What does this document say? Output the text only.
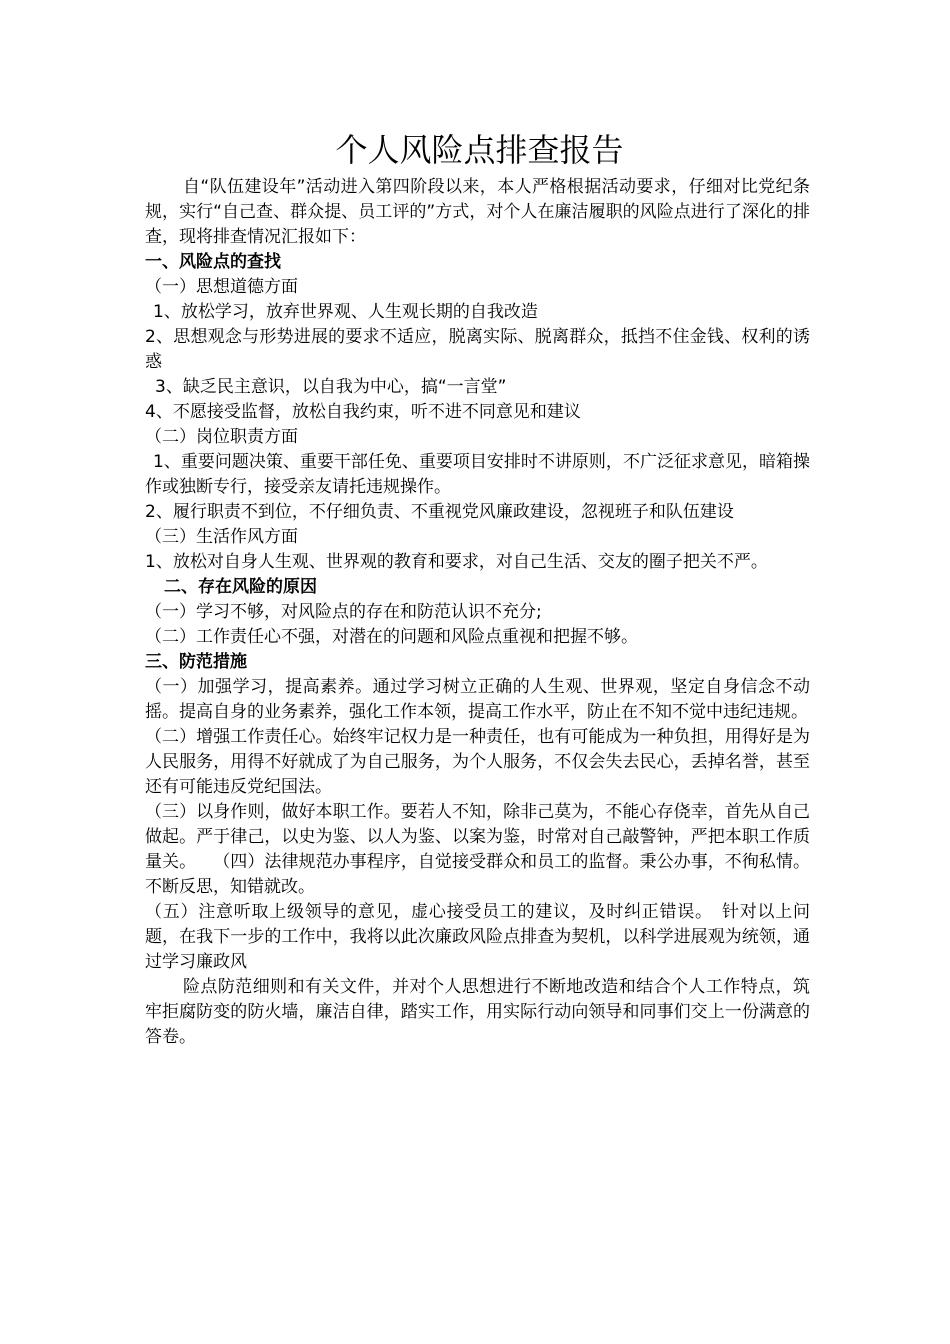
个人风险点排查报告

自“队伍建设年”活动进入第四阶段以来，本人严格根据活动要求，仔细对比党纪条规，实行“自己查、群众提、员工评的”方式，对个人在廉洁履职的风险点进行了深化的排查，现将排查情况汇报如下：

一、风险点的查找

（一）思想道德方面

1、放松学习，放弃世界观、人生观长期的自我改造

2、思想观念与形势进展的要求不适应，脱离实际、脱离群众，抵挡不住金钱、权利的诱惑

3、缺乏民主意识，以自我为中心，搞“一言堂”

4、不愿接受监督，放松自我约束，听不进不同意见和建议

（二）岗位职责方面

1、重要问题决策、重要干部任免、重要项目安排时不讲原则，不广泛征求意见，暗箱操作或独断专行，接受亲友请托违规操作。

2、履行职责不到位，不仔细负责、不重视党风廉政建设，忽视班子和队伍建设

（三）生活作风方面

1、放松对自身人生观、世界观的教育和要求，对自己生活、交友的圈子把关不严。

二、存在风险的原因

（一）学习不够，对风险点的存在和防范认识不充分;

（二）工作责任心不强，对潜在的问题和风险点重视和把握不够。

三、防范措施

（一）加强学习，提高素养。通过学习树立正确的人生观、世界观，坚定自身信念不动摇。提高自身的业务素养，强化工作本领，提高工作水平，防止在不知不觉中违纪违规。

（二）增强工作责任心。始终牢记权力是一种责任，也有可能成为一种负担，用得好是为人民服务，用得不好就成了为自己服务，为个人服务，不仅会失去民心，丢掉名誉，甚至还有可能违反党纪国法。

（三）以身作则，做好本职工作。要若人不知，除非己莫为，不能心存侥幸，首先从自己做起。严于律己，以史为鉴、以人为鉴、以案为鉴，时常对自己敲警钟，严把本职工作质量关。　　（四）法律规范办事程序，自觉接受群众和员工的监督。秉公办事，不徇私情。不断反思，知错就改。

（五）注意听取上级领导的意见，虚心接受员工的建议，及时纠正错误。　针对以上问题，在我下一步的工作中，我将以此次廉政风险点排查为契机，以科学进展观为统领，通过学习廉政风

险点防范细则和有关文件，并对个人思想进行不断地改造和结合个人工作特点，筑牢拒腐防变的防火墙，廉洁自律，踏实工作，用实际行动向领导和同事们交上一份满意的答卷。
